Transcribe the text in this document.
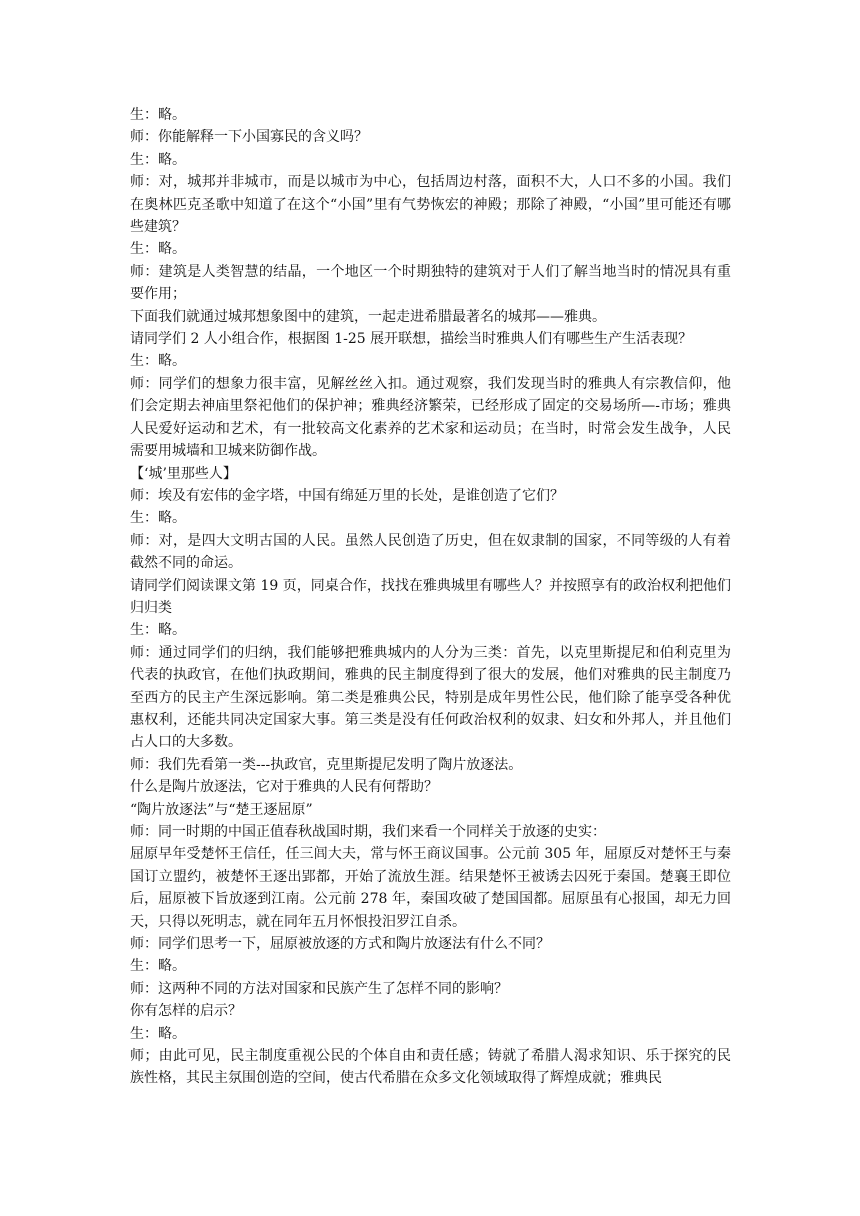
生：略。

师：你能解释一下小国寡民的含义吗？

生：略。

师：对，城邦并非城市，而是以城市为中心，包括周边村落，面积不大，人口不多的小国。我们在奥林匹克圣歌中知道了在这个“小国”里有气势恢宏的神殿；那除了神殿，“小国”里可能还有哪些建筑？

生：略。

师：建筑是人类智慧的结晶，一个地区一个时期独特的建筑对于人们了解当地当时的情况具有重要作用；

下面我们就通过城邦想象图中的建筑，一起走进希腊最著名的城邦——雅典。

请同学们 2 人小组合作，根据图 1-25 展开联想，描绘当时雅典人们有哪些生产生活表现？

生：略。

师：同学们的想象力很丰富，见解丝丝入扣。通过观察，我们发现当时的雅典人有宗教信仰，他们会定期去神庙里祭祀他们的保护神；雅典经济繁荣，已经形成了固定的交易场所—-市场；雅典人民爱好运动和艺术，有一批较高文化素养的艺术家和运动员；在当时，时常会发生战争，人民需要用城墙和卫城来防御作战。

【‘城’里那些人】

师：埃及有宏伟的金字塔，中国有绵延万里的长处，是谁创造了它们？

生：略。

师：对，是四大文明古国的人民。虽然人民创造了历史，但在奴隶制的国家，不同等级的人有着截然不同的命运。

请同学们阅读课文第 19 页，同桌合作，找找在雅典城里有哪些人？并按照享有的政治权利把他们归归类

生：略。

师：通过同学们的归纳，我们能够把雅典城内的人分为三类：首先，以克里斯提尼和伯利克里为代表的执政官，在他们执政期间，雅典的民主制度得到了很大的发展，他们对雅典的民主制度乃至西方的民主产生深远影响。第二类是雅典公民，特别是成年男性公民，他们除了能享受各种优惠权利，还能共同决定国家大事。第三类是没有任何政治权利的奴隶、妇女和外邦人，并且他们占人口的大多数。

师：我们先看第一类---执政官，克里斯提尼发明了陶片放逐法。

什么是陶片放逐法，它对于雅典的人民有何帮助？

“陶片放逐法”与“楚王逐屈原”

师：同一时期的中国正值春秋战国时期，我们来看一个同样关于放逐的史实：

屈原早年受楚怀王信任，任三闾大夫，常与怀王商议国事。公元前 305 年，屈原反对楚怀王与秦国订立盟约，被楚怀王逐出郢都，开始了流放生涯。结果楚怀王被诱去囚死于秦国。楚襄王即位后，屈原被下旨放逐到江南。公元前 278 年，秦国攻破了楚国国都。屈原虽有心报国，却无力回天，只得以死明志，就在同年五月怀恨投汨罗江自杀。

师：同学们思考一下，屈原被放逐的方式和陶片放逐法有什么不同？

生：略。

师：这两种不同的方法对国家和民族产生了怎样不同的影响？

你有怎样的启示？

生：略。

师；由此可见，民主制度重视公民的个体自由和责任感；铸就了希腊人渴求知识、乐于探究的民族性格，其民主氛围创造的空间，使古代希腊在众多文化领域取得了辉煌成就；雅典民
